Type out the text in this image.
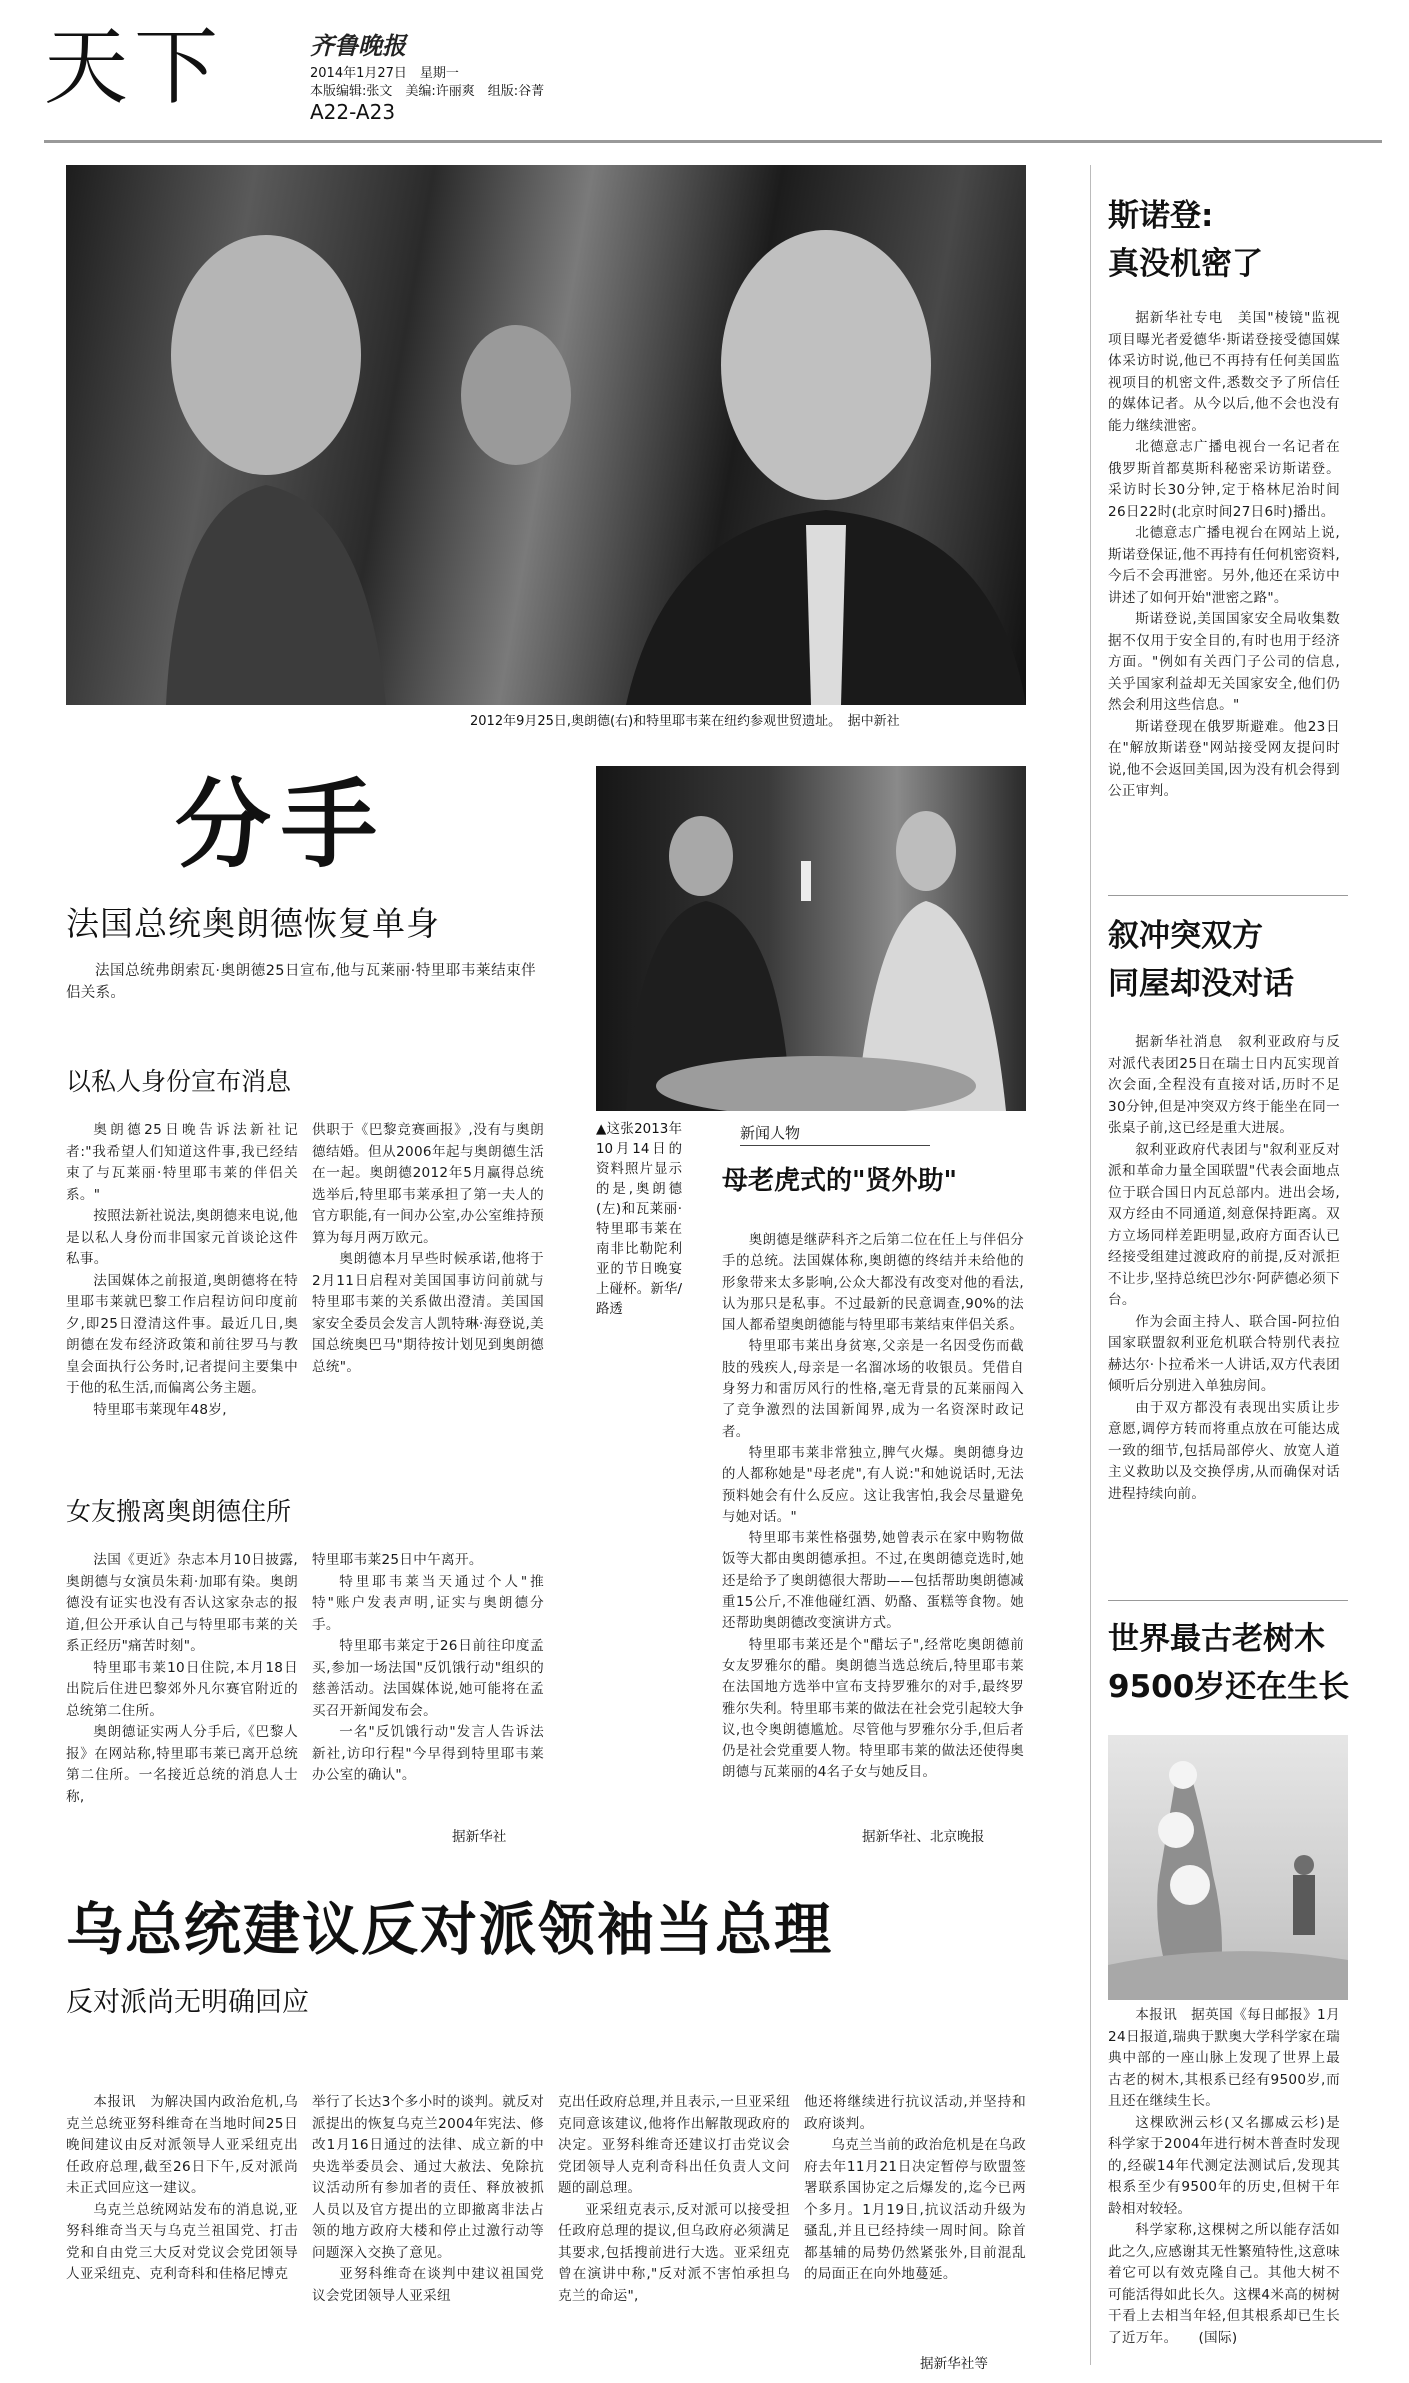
天下	齐鲁晚报
2014年1月27日　星期一
本版编辑:张文　美编:许丽爽　组版:谷菁
A22-A23
2012年9月25日,奥朗德(右)和特里耶韦莱在纽约参观世贸遗址。　据中新社
分手
法国总统奥朗德恢复单身

法国总统弗朗索瓦·奥朗德25日宣布,他与瓦莱丽·特里耶韦莱结束伴侣关系。

以私人身份宣布消息

奥朗德25日晚告诉法新社记者:"我希望人们知道这件事,我已经结束了与瓦莱丽·特里耶韦莱的伴侣关系。"

按照法新社说法,奥朗德来电说,他是以私人身份而非国家元首谈论这件私事。

法国媒体之前报道,奥朗德将在特里耶韦莱就巴黎工作启程访问印度前夕,即25日澄清这件事。最近几日,奥朗德在发布经济政策和前往罗马与教皇会面执行公务时,记者提问主要集中于他的私生活,而偏离公务主题。

特里耶韦莱现年48岁,

供职于《巴黎竞赛画报》,没有与奥朗德结婚。但从2006年起与奥朗德生活在一起。奥朗德2012年5月赢得总统选举后,特里耶韦莱承担了第一夫人的官方职能,有一间办公室,办公室维持预算为每月两万欧元。

奥朗德本月早些时候承诺,他将于2月11日启程对美国国事访问前就与特里耶韦莱的关系做出澄清。美国国家安全委员会发言人凯特琳·海登说,美国总统奥巴马"期待按计划见到奥朗德总统"。

女友搬离奥朗德住所

法国《更近》杂志本月10日披露,奥朗德与女演员朱莉·加耶有染。奥朗德没有证实也没有否认这家杂志的报道,但公开承认自己与特里耶韦莱的关系正经历"痛苦时刻"。

特里耶韦莱10日住院,本月18日出院后住进巴黎郊外凡尔赛官附近的总统第二住所。

奥朗德证实两人分手后,《巴黎人报》在网站称,特里耶韦莱已离开总统第二住所。一名接近总统的消息人士称,

特里耶韦莱25日中午离开。

特里耶韦莱当天通过个人"推特"账户发表声明,证实与奥朗德分手。

特里耶韦莱定于26日前往印度孟买,参加一场法国"反饥饿行动"组织的慈善活动。法国媒体说,她可能将在孟买召开新闻发布会。

一名"反饥饿行动"发言人告诉法新社,访印行程"今早得到特里耶韦莱办公室的确认"。

据新华社
▲这张2013年10月14日的资料照片显示的是,奥朗德(左)和瓦莱丽·特里耶韦莱在南非比勒陀利亚的节日晚宴上碰杯。新华/路透
新闻人物
母老虎式的"贤外助"

奥朗德是继萨科齐之后第二位在任上与伴侣分手的总统。法国媒体称,奥朗德的终结并未给他的形象带来太多影响,公众大都没有改变对他的看法,认为那只是私事。不过最新的民意调查,90%的法国人都希望奥朗德能与特里耶韦莱结束伴侣关系。

特里耶韦莱出身贫寒,父亲是一名因受伤而截肢的残疾人,母亲是一名溜冰场的收银员。凭借自身努力和雷厉风行的性格,毫无背景的瓦莱丽闯入了竞争激烈的法国新闻界,成为一名资深时政记者。

特里耶韦莱非常独立,脾气火爆。奥朗德身边的人都称她是"母老虎",有人说:"和她说话时,无法预料她会有什么反应。这让我害怕,我会尽量避免与她对话。"

特里耶韦莱性格强势,她曾表示在家中购物做饭等大都由奥朗德承担。不过,在奥朗德竞选时,她还是给予了奥朗德很大帮助——包括帮助奥朗德减重15公斤,不准他碰红酒、奶酪、蛋糕等食物。她还帮助奥朗德改变演讲方式。

特里耶韦莱还是个"醋坛子",经常吃奥朗德前女友罗雅尔的醋。奥朗德当选总统后,特里耶韦莱在法国地方选举中宣布支持罗雅尔的对手,最终罗雅尔失利。特里耶韦莱的做法在社会党引起较大争议,也令奥朗德尴尬。尽管他与罗雅尔分手,但后者仍是社会党重要人物。特里耶韦莱的做法还使得奥朗德与瓦莱丽的4名子女与她反目。

据新华社、北京晚报
乌总统建议反对派领袖当总理
反对派尚无明确回应

本报讯　为解决国内政治危机,乌克兰总统亚努科维奇在当地时间25日晚间建议由反对派领导人亚采纽克出任政府总理,截至26日下午,反对派尚未正式回应这一建议。

乌克兰总统网站发布的消息说,亚努科维奇当天与乌克兰祖国党、打击党和自由党三大反对党议会党团领导人亚采纽克、克利奇科和佳格尼博克

举行了长达3个多小时的谈判。就反对派提出的恢复乌克兰2004年宪法、修改1月16日通过的法律、成立新的中央选举委员会、通过大赦法、免除抗议活动所有参加者的责任、释放被抓人员以及官方提出的立即撤离非法占领的地方政府大楼和停止过激行动等问题深入交换了意见。

亚努科维奇在谈判中建议祖国党议会党团领导人亚采纽

克出任政府总理,并且表示,一旦亚采纽克同意该建议,他将作出解散现政府的决定。亚努科维奇还建议打击党议会党团领导人克利奇科出任负责人文问题的副总理。

亚采纽克表示,反对派可以接受担任政府总理的提议,但乌政府必须满足其要求,包括搜前进行大选。亚采纽克曾在演讲中称,"反对派不害怕承担乌克兰的命运",

他还将继续进行抗议活动,并坚持和政府谈判。

乌克兰当前的政治危机是在乌政府去年11月21日决定暂停与欧盟签署联系国协定之后爆发的,迄今已两个多月。1月19日,抗议活动升级为骚乱,并且已经持续一周时间。除首都基辅的局势仍然紧张外,目前混乱的局面正在向外地蔓延。

据新华社等
斯诺登:
真没机密了

据新华社专电　美国"棱镜"监视项目曝光者爱德华·斯诺登接受德国媒体采访时说,他已不再持有任何美国监视项目的机密文件,悉数交予了所信任的媒体记者。从今以后,他不会也没有能力继续泄密。

北德意志广播电视台一名记者在俄罗斯首都莫斯科秘密采访斯诺登。采访时长30分钟,定于格林尼治时间26日22时(北京时间27日6时)播出。

北德意志广播电视台在网站上说,斯诺登保证,他不再持有任何机密资料,今后不会再泄密。另外,他还在采访中讲述了如何开始"泄密之路"。

斯诺登说,美国国家安全局收集数据不仅用于安全目的,有时也用于经济方面。"例如有关西门子公司的信息,关乎国家利益却无关国家安全,他们仍然会利用这些信息。"

斯诺登现在俄罗斯避难。他23日在"解放斯诺登"网站接受网友提问时说,他不会返回美国,因为没有机会得到公正审判。

叙冲突双方
同屋却没对话

据新华社消息　叙利亚政府与反对派代表团25日在瑞士日内瓦实现首次会面,全程没有直接对话,历时不足30分钟,但是冲突双方终于能坐在同一张桌子前,这已经是重大进展。

叙利亚政府代表团与"叙利亚反对派和革命力量全国联盟"代表会面地点位于联合国日内瓦总部内。进出会场,双方经由不同通道,刻意保持距离。双方立场同样差距明显,政府方面否认已经接受组建过渡政府的前提,反对派拒不让步,坚持总统巴沙尔·阿萨德必须下台。

作为会面主持人、联合国-阿拉伯国家联盟叙利亚危机联合特别代表拉赫达尔·卜拉希米一人讲话,双方代表团倾听后分别进入单独房间。

由于双方都没有表现出实质让步意愿,调停方转而将重点放在可能达成一致的细节,包括局部停火、放宽人道主义救助以及交换俘虏,从而确保对话进程持续向前。

世界最古老树木
9500岁还在生长

本报讯　据英国《每日邮报》1月24日报道,瑞典于默奥大学科学家在瑞典中部的一座山脉上发现了世界上最古老的树木,其根系已经有9500岁,而且还在继续生长。

这棵欧洲云杉(又名挪威云杉)是科学家于2004年进行树木普查时发现的,经碳14年代测定法测试后,发现其根系至少有9500年的历史,但树干年龄相对较轻。

科学家称,这棵树之所以能存活如此之久,应感谢其无性繁殖特性,这意味着它可以有效克隆自己。其他大树不可能活得如此长久。这棵4米高的树树干看上去相当年轻,但其根系却已生长了近万年。　　(国际)
